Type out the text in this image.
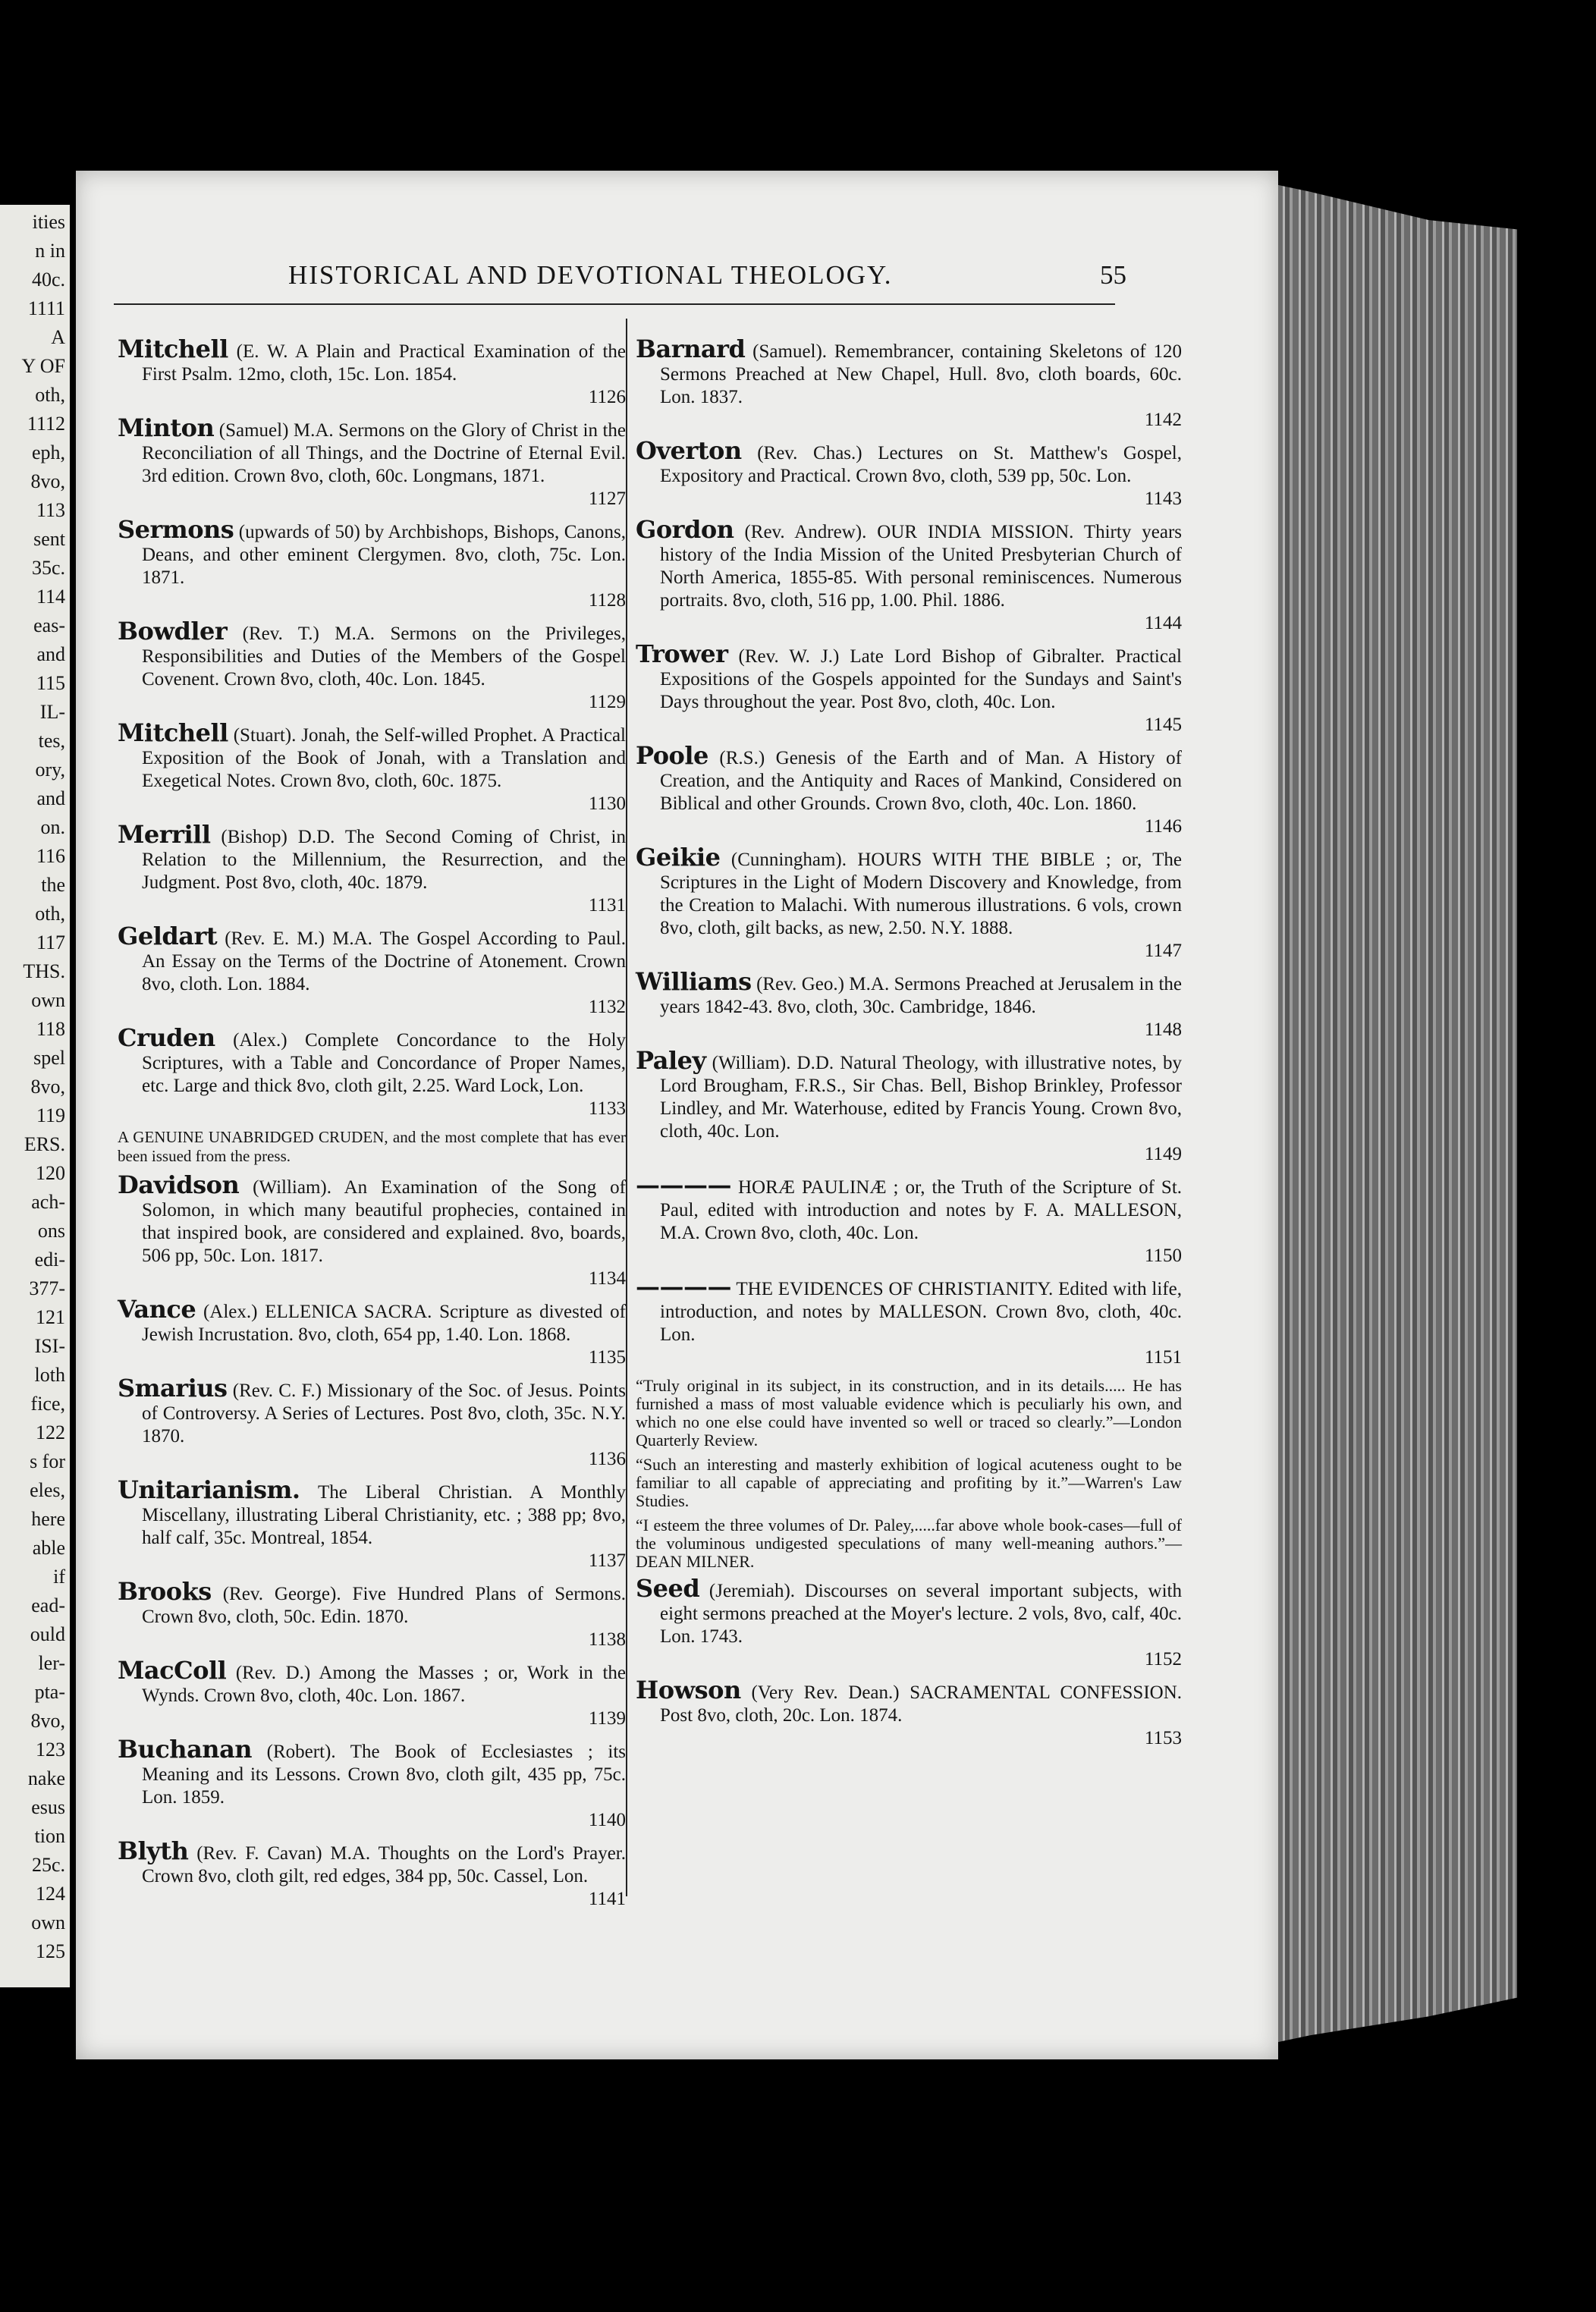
ities
n in
40c.
1111
A
Y OF
oth,
1112
eph,
8vo,
113
sent
35c.
114
eas-
and
115
IL-
tes,
ory,
and
on.
116
the
oth,
117
THS.
own
118
spel
8vo,
119
ERS.
120
ach-
ons
edi-
377-
121
ISI-
loth
fice,
122
s for
eles,
here
able
if
ead-
ould
ler-
pta-
8vo,
123
nake
esus
tion
25c.
124
own
125
HISTORICAL AND DEVOTIONAL THEOLOGY.	55
Mitchell (E. W. A Plain and Practical Examination of the First Psalm. 12mo, cloth, 15c. Lon. 1854.
1126
Minton (Samuel) M.A. Sermons on the Glory of Christ in the Reconciliation of all Things, and the Doctrine of Eternal Evil. 3rd edition. Crown 8vo, cloth, 60c. Longmans, 1871.
1127
Sermons (upwards of 50) by Archbishops, Bishops, Canons, Deans, and other eminent Clergymen. 8vo, cloth, 75c. Lon. 1871.
1128
Bowdler (Rev. T.) M.A. Sermons on the Privileges, Responsibilities and Duties of the Members of the Gospel Covenent. Crown 8vo, cloth, 40c. Lon. 1845.
1129
Mitchell (Stuart). Jonah, the Self-willed Prophet. A Practical Exposition of the Book of Jonah, with a Translation and Exegetical Notes. Crown 8vo, cloth, 60c. 1875.
1130
Merrill (Bishop) D.D. The Second Coming of Christ, in Relation to the Millennium, the Resurrection, and the Judgment. Post 8vo, cloth, 40c. 1879.
1131
Geldart (Rev. E. M.) M.A. The Gospel According to Paul. An Essay on the Terms of the Doctrine of Atonement. Crown 8vo, cloth. Lon. 1884.
1132
Cruden (Alex.) Complete Concordance to the Holy Scriptures, with a Table and Concordance of Proper Names, etc. Large and thick 8vo, cloth gilt, 2.25. Ward Lock, Lon.
1133
A GENUINE UNABRIDGED CRUDEN, and the most complete that has ever been issued from the press.
Davidson (William). An Examination of the Song of Solomon, in which many beautiful prophecies, contained in that inspired book, are considered and explained. 8vo, boards, 506 pp, 50c. Lon. 1817.
1134
Vance (Alex.) ELLENICA SACRA. Scripture as divested of Jewish Incrustation. 8vo, cloth, 654 pp, 1.40. Lon. 1868.
1135
Smarius (Rev. C. F.) Missionary of the Soc. of Jesus. Points of Controversy. A Series of Lectures. Post 8vo, cloth, 35c. N.Y. 1870.
1136
Unitarianism. The Liberal Christian. A Monthly Miscellany, illustrating Liberal Christianity, etc. ; 388 pp; 8vo, half calf, 35c. Montreal, 1854.
1137
Brooks (Rev. George). Five Hundred Plans of Sermons. Crown 8vo, cloth, 50c. Edin. 1870.
1138
MacColl (Rev. D.) Among the Masses ; or, Work in the Wynds. Crown 8vo, cloth, 40c. Lon. 1867.
1139
Buchanan (Robert). The Book of Ecclesiastes ; its Meaning and its Lessons. Crown 8vo, cloth gilt, 435 pp, 75c. Lon. 1859.
1140
Blyth (Rev. F. Cavan) M.A. Thoughts on the Lord's Prayer. Crown 8vo, cloth gilt, red edges, 384 pp, 50c. Cassel, Lon.
1141
Barnard (Samuel). Remembrancer, containing Skeletons of 120 Sermons Preached at New Chapel, Hull. 8vo, cloth boards, 60c. Lon. 1837.
1142
Overton (Rev. Chas.) Lectures on St. Matthew's Gospel, Expository and Practical. Crown 8vo, cloth, 539 pp, 50c. Lon.
1143
Gordon (Rev. Andrew). OUR INDIA MISSION. Thirty years history of the India Mission of the United Presbyterian Church of North America, 1855-85. With personal reminiscences. Numerous portraits. 8vo, cloth, 516 pp, 1.00. Phil. 1886.
1144
Trower (Rev. W. J.) Late Lord Bishop of Gibralter. Practical Expositions of the Gospels appointed for the Sundays and Saint's Days throughout the year. Post 8vo, cloth, 40c. Lon.
1145
Poole (R.S.) Genesis of the Earth and of Man. A History of Creation, and the Antiquity and Races of Mankind, Considered on Biblical and other Grounds. Crown 8vo, cloth, 40c. Lon. 1860.
1146
Geikie (Cunningham). HOURS WITH THE BIBLE ; or, The Scriptures in the Light of Modern Discovery and Knowledge, from the Creation to Malachi. With numerous illustrations. 6 vols, crown 8vo, cloth, gilt backs, as new, 2.50. N.Y. 1888.
1147
Williams (Rev. Geo.) M.A. Sermons Preached at Jerusalem in the years 1842-43. 8vo, cloth, 30c. Cambridge, 1846.
1148
Paley (William). D.D. Natural Theology, with illustrative notes, by Lord Brougham, F.R.S., Sir Chas. Bell, Bishop Brinkley, Professor Lindley, and Mr. Waterhouse, edited by Francis Young. Crown 8vo, cloth, 40c. Lon.
1149
———— HORÆ PAULINÆ ; or, the Truth of the Scripture of St. Paul, edited with introduction and notes by F. A. MALLESON, M.A. Crown 8vo, cloth, 40c. Lon.
1150
———— THE EVIDENCES OF CHRISTIANITY. Edited with life, introduction, and notes by MALLESON. Crown 8vo, cloth, 40c. Lon.
1151
“Truly original in its subject, in its construction, and in its details..... He has furnished a mass of most valuable evidence which is peculiarly his own, and which no one else could have invented so well or traced so clearly.”—London Quarterly Review.
“Such an interesting and masterly exhibition of logical acuteness ought to be familiar to all capable of appreciating and profiting by it.”—Warren's Law Studies.
“I esteem the three volumes of Dr. Paley,.....far above whole book-cases—full of the voluminous undigested speculations of many well-meaning authors.”—DEAN MILNER.
Seed (Jeremiah). Discourses on several important subjects, with eight sermons preached at the Moyer's lecture. 2 vols, 8vo, calf, 40c. Lon. 1743.
1152
Howson (Very Rev. Dean.) SACRAMENTAL CONFESSION. Post 8vo, cloth, 20c. Lon. 1874.
1153
